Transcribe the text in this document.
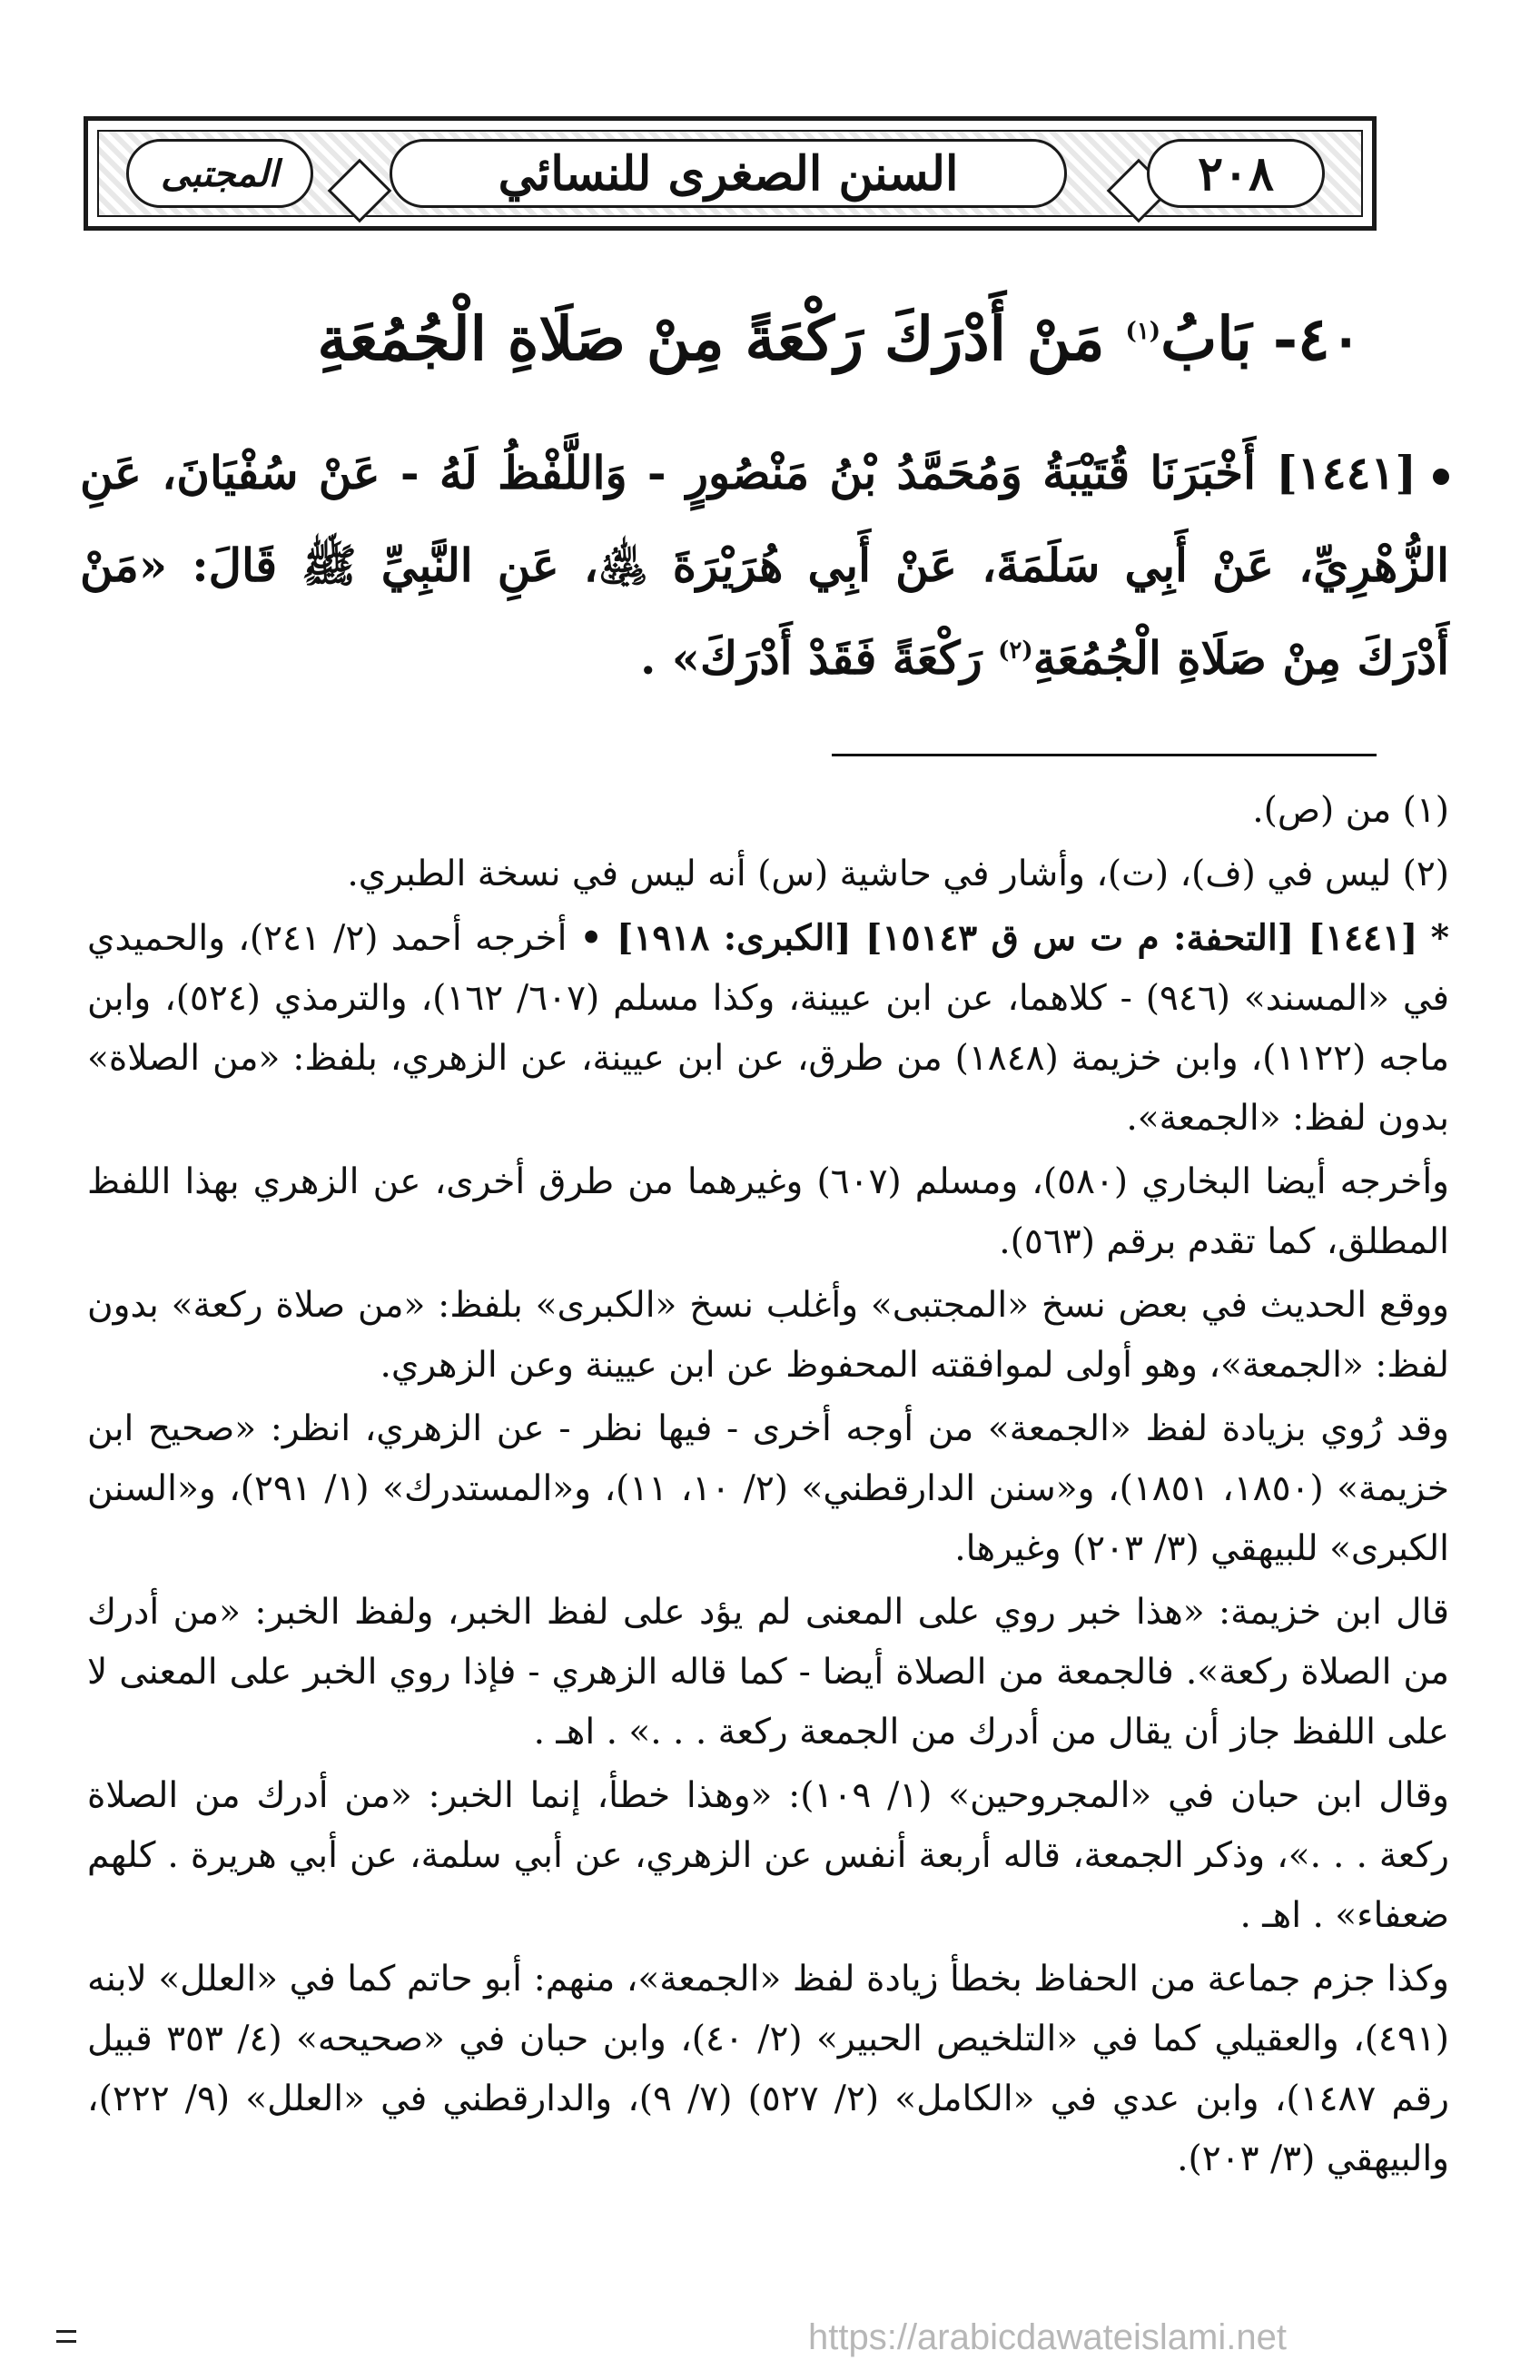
المجتبى	السنن الصغرى للنسائي	٢٠٨
٤٠- بَابُ$^{(١)}$ مَنْ أَدْرَكَ رَكْعَةً مِنْ صَلَاةِ الْجُمُعَةِ
[١٤٤١] أَخْبَرَنَا قُتَيْبَةُ وَمُحَمَّدُ بْنُ مَنْصُورٍ - وَاللَّفْظُ لَهُ - عَنْ سُفْيَانَ، عَنِ الزُّهْرِيِّ، عَنْ أَبِي سَلَمَةَ، عَنْ أَبِي هُرَيْرَةَ ﵁، عَنِ النَّبِيِّ ﷺ قَالَ: «مَنْ أَدْرَكَ مِنْ صَلَاةِ الْجُمُعَةِ$^{(٢)}$ رَكْعَةً فَقَدْ أَدْرَكَ» .

(١) من (ص).

(٢) ليس في (ف)، (ت)، وأشار في حاشية (س) أنه ليس في نسخة الطبري.

* [١٤٤١] [التحفة: م ت س ق ١٥١٤٣] [الكبرى: ١٩١٨] • أخرجه أحمد (٢/ ٢٤١)، والحميدي في «المسند» (٩٤٦) - كلاهما، عن ابن عيينة، وكذا مسلم (٦٠٧/ ١٦٢)، والترمذي (٥٢٤)، وابن ماجه (١١٢٢)، وابن خزيمة (١٨٤٨) من طرق، عن ابن عيينة، عن الزهري، بلفظ: «من الصلاة» بدون لفظ: «الجمعة».

وأخرجه أيضا البخاري (٥٨٠)، ومسلم (٦٠٧) وغيرهما من طرق أخرى، عن الزهري بهذا اللفظ المطلق، كما تقدم برقم (٥٦٣).

ووقع الحديث في بعض نسخ «المجتبى» وأغلب نسخ «الكبرى» بلفظ: «من صلاة ركعة» بدون لفظ: «الجمعة»، وهو أولى لموافقته المحفوظ عن ابن عيينة وعن الزهري.

وقد رُوي بزيادة لفظ «الجمعة» من أوجه أخرى - فيها نظر - عن الزهري، انظر: «صحيح ابن خزيمة» (١٨٥٠، ١٨٥١)، و«سنن الدارقطني» (٢/ ١٠، ١١)، و«المستدرك» (١/ ٢٩١)، و«السنن الكبرى» للبيهقي (٣/ ٢٠٣) وغيرها.

قال ابن خزيمة: «هذا خبر روي على المعنى لم يؤد على لفظ الخبر، ولفظ الخبر: «من أدرك من الصلاة ركعة». فالجمعة من الصلاة أيضا - كما قاله الزهري - فإذا روي الخبر على المعنى لا على اللفظ جاز أن يقال من أدرك من الجمعة ركعة . . .» . اهـ .

وقال ابن حبان في «المجروحين» (١/ ١٠٩): «وهذا خطأ، إنما الخبر: «من أدرك من الصلاة ركعة . . .»، وذكر الجمعة، قاله أربعة أنفس عن الزهري، عن أبي سلمة، عن أبي هريرة . كلهم ضعفاء» . اهـ .

وكذا جزم جماعة من الحفاظ بخطأ زيادة لفظ «الجمعة»، منهم: أبو حاتم كما في «العلل» لابنه (٤٩١)، والعقيلي كما في «التلخيص الحبير» (٢/ ٤٠)، وابن حبان في «صحيحه» (٤/ ٣٥٣ قبيل رقم ١٤٨٧)، وابن عدي في «الكامل» (٢/ ٥٢٧) (٧/ ٩)، والدارقطني في «العلل» (٩/ ٢٢٢)، والبيهقي (٣/ ٢٠٣).

https://arabicdawateislami.net
